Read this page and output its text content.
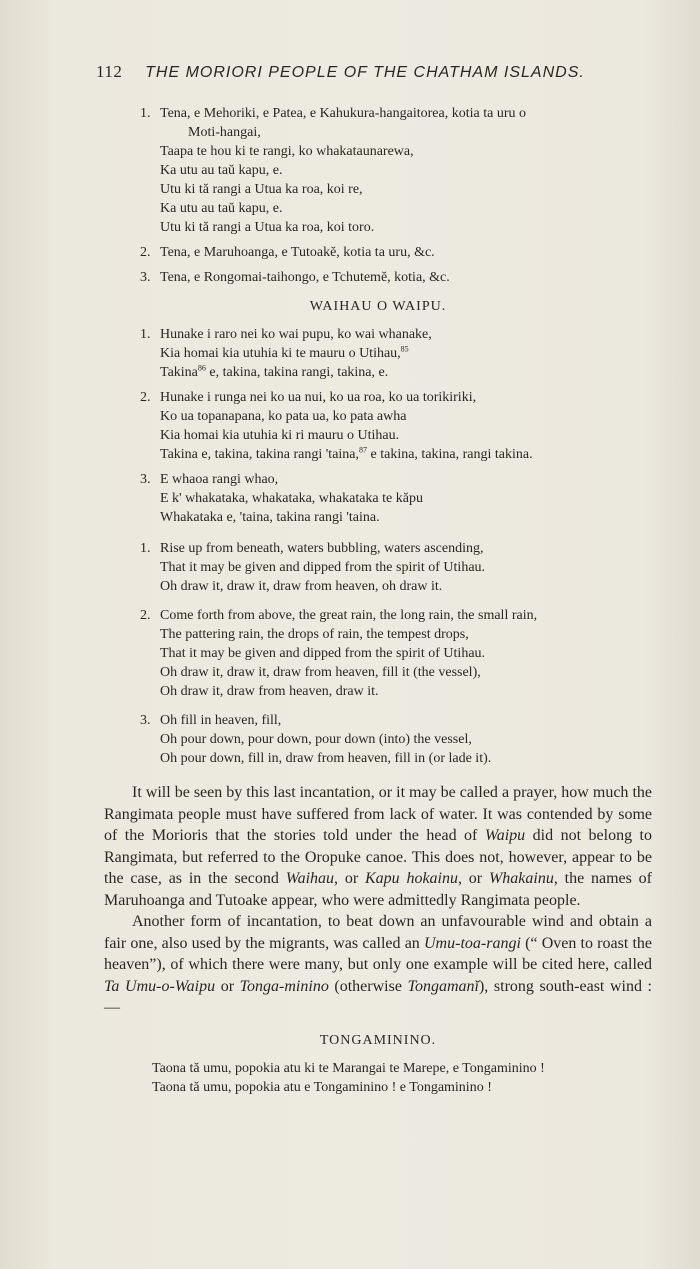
112 THE MORIORI PEOPLE OF THE CHATHAM ISLANDS.
1. Tena, e Mehoriki, e Patea, e Kahukura-hangaitorea, kotia ta uru o
Moti-hangai,
Taapa te hou ki te rangi, ko whakataunarewa,
Ka utu au taŭ kapu, e.
Utu ki tă rangi a Utua ka roa, koi re,
Ka utu au taŭ kapu, e.
Utu ki tă rangi a Utua ka roa, koi toro.
2. Tena, e Maruhoanga, e Tutoakĕ, kotia ta uru, &c.
3. Tena, e Rongomai-taihongo, e Tchutemĕ, kotia, &c.
WAIHAU O WAIPU.
1. Hunake i raro nei ko wai pupu, ko wai whanake,
Kia homai kia utuhia ki te mauru o Utihau,$^{85}$
Takina$^{86}$ e, takina, takina rangi, takina, e.
2. Hunake i runga nei ko ua nui, ko ua roa, ko ua torikiriki,
Ko ua topanapana, ko pata ua, ko pata awha
Kia homai kia utuhia ki ri mauru o Utihau.
Takina e, takina, takina rangi 'taina,$^{87}$ e takina, takina, rangi takina.
3. E whaoa rangi whao,
E k' whakataka, whakataka, whakataka te kăpu
Whakataka e, 'taina, takina rangi 'taina.
1. Rise up from beneath, waters bubbling, waters ascending,
That it may be given and dipped from the spirit of Utihau.
Oh draw it, draw it, draw from heaven, oh draw it.
2. Come forth from above, the great rain, the long rain, the small rain,
The pattering rain, the drops of rain, the tempest drops,
That it may be given and dipped from the spirit of Utihau.
Oh draw it, draw it, draw from heaven, fill it (the vessel),
Oh draw it, draw from heaven, draw it.
3. Oh fill in heaven, fill,
Oh pour down, pour down, pour down (into) the vessel,
Oh pour down, fill in, draw from heaven, fill in (or lade it).

It will be seen by this last incantation, or it may be called a prayer, how much the Rangimata people must have suffered from lack of water. It was contended by some of the Morioris that the stories told under the head of Waipu did not belong to Rangimata, but referred to the Oropuke canoe. This does not, however, appear to be the case, as in the second Waihau, or Kapu hokainu, or Whakainu, the names of Maruhoanga and Tutoake appear, who were admittedly Rangimata people.

Another form of incantation, to beat down an unfavourable wind and obtain a fair one, also used by the migrants, was called an Umu-toa-rangi (“ Oven to roast the heaven”), of which there were many, but only one example will be cited here, called Ta Umu-o-Waipu or Tonga-minino (otherwise Tongamanĭ), strong south-east wind :—

TONGAMININO.
Taona tă umu, popokia atu ki te Marangai te Marepe, e Tongaminino !
Taona tă umu, popokia atu e Tongaminino ! e Tongaminino !
